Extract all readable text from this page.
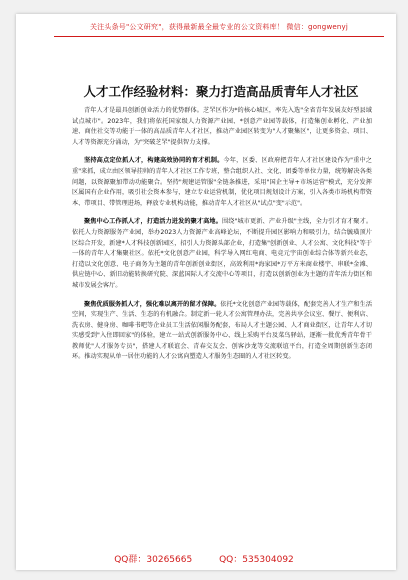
关注头条号"公文研究"，获得最新最全最专业的公文资料库！ 微信：gongwenyj
人才工作经验材料：聚力打造高品质青年人才社区

青年人才是最具创新创业活力的优势群体。芝罘区作为*的核心城区，率先入选"全省青年发展友好型县域试点城市"。2023年，我们将依托国家级人力资源产业园、*创意产业园等载体，打造集创业孵化、产业加速、商住社交等功能于一体的高品质青年人才社区，推动产业园区转变为"人才聚集区"，让更多资金、项目、人才等资源充分涌动，为"突破芝罘"提供智力支撑。

坚持高点定位抓人才，构建高效协同的育才机制。今年，区委、区政府把青年人才社区建设作为"重中之重"来抓，成立由区领导挂帅的青年人才社区工作专班，整合组织人社、文化、团委等单位力量，统筹解决各类问题，以资源聚加带动功能聚合。坚持"规建运管服"全链条推进，采用"国企主导+市场运营"模式，充分发挥区属国有企业作用，吸引社会资本参与，建立专业运营机制，优化项目规划设计方案，引入各类市场机构带资本、带项目、带管理进场，释放专业机构动能，推动青年人才社区从"试点"变"示范"。

聚焦中心工作抓人才，打造活力迸发的聚才高地。围绕"城市更新、产业升级"主线，全力引才育才聚才。依托人力资源服务产业园，举办2023人力资源产业高峰论坛，不断提升园区影响力和吸引力，结合毓璜顶片区综合开发，新建*人才科技创新园区，招引人力资源头部企业，打造集"创新创业、人才公寓、文化科技"等于一体的青年人才集聚社区。依托*文化创意产业园，科学导入网红电商、电竞元宇宙创业综合体等新兴业态，打造以文化创意、电子商务为主题的青年创新创业街区，高效利用*海家园*万平方米商业楼宇、串联*金滩、供应链中心、新旧动能转换研究院、深蓝国际人才交流中心等项目，打造以创新创业为主题的青年活力街区和城市发展会客厅。

聚焦优质服务抓人才，强化难以离开的留才保障。依托*文化创意产业园等载体，配套完善人才生产和生活空间，实现生产、生活、生态的有机融合。制定新一轮人才公寓管理办法，完善共享会议室、餐厅、便利店、洗衣房、健身房、咖啡书吧等企业员工生活依闲服务配套，布局人才主题公园、人才商业街区，让青年人才切实感受到"入住即回家"的体验，建立一站式创新服务中心、线上采购平台及菜鸟驿站，逐渐一批优秀青年骨干教师优"人才服务专员"，搭建人才联谊会、青春交友会、创客沙龙等交流联谊平台，打造全周期创新生态闭环。推动实现从单一居住功能的人才公寓向塑造人才服务生态圈的人才社区转变。

QQ群：30265665	QQ：535304092
